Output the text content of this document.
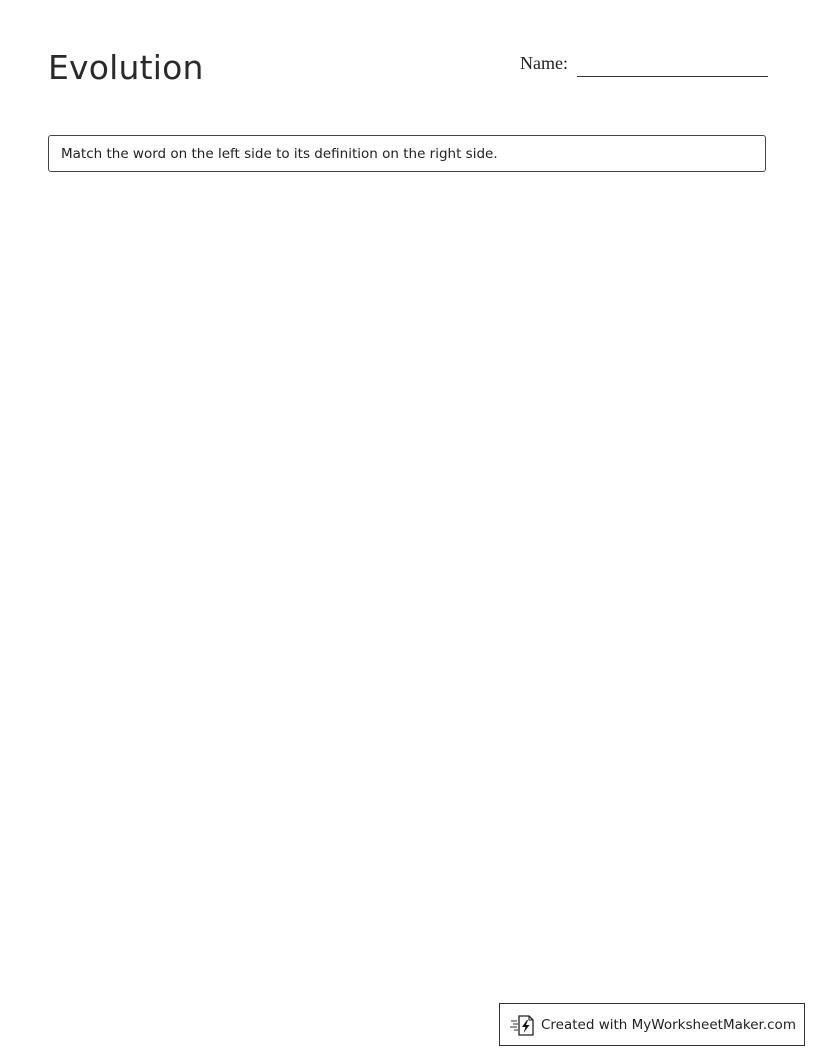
Evolution	Name:
Match the word on the left side to its definition on the right side.
Created with MyWorksheetMaker.com
